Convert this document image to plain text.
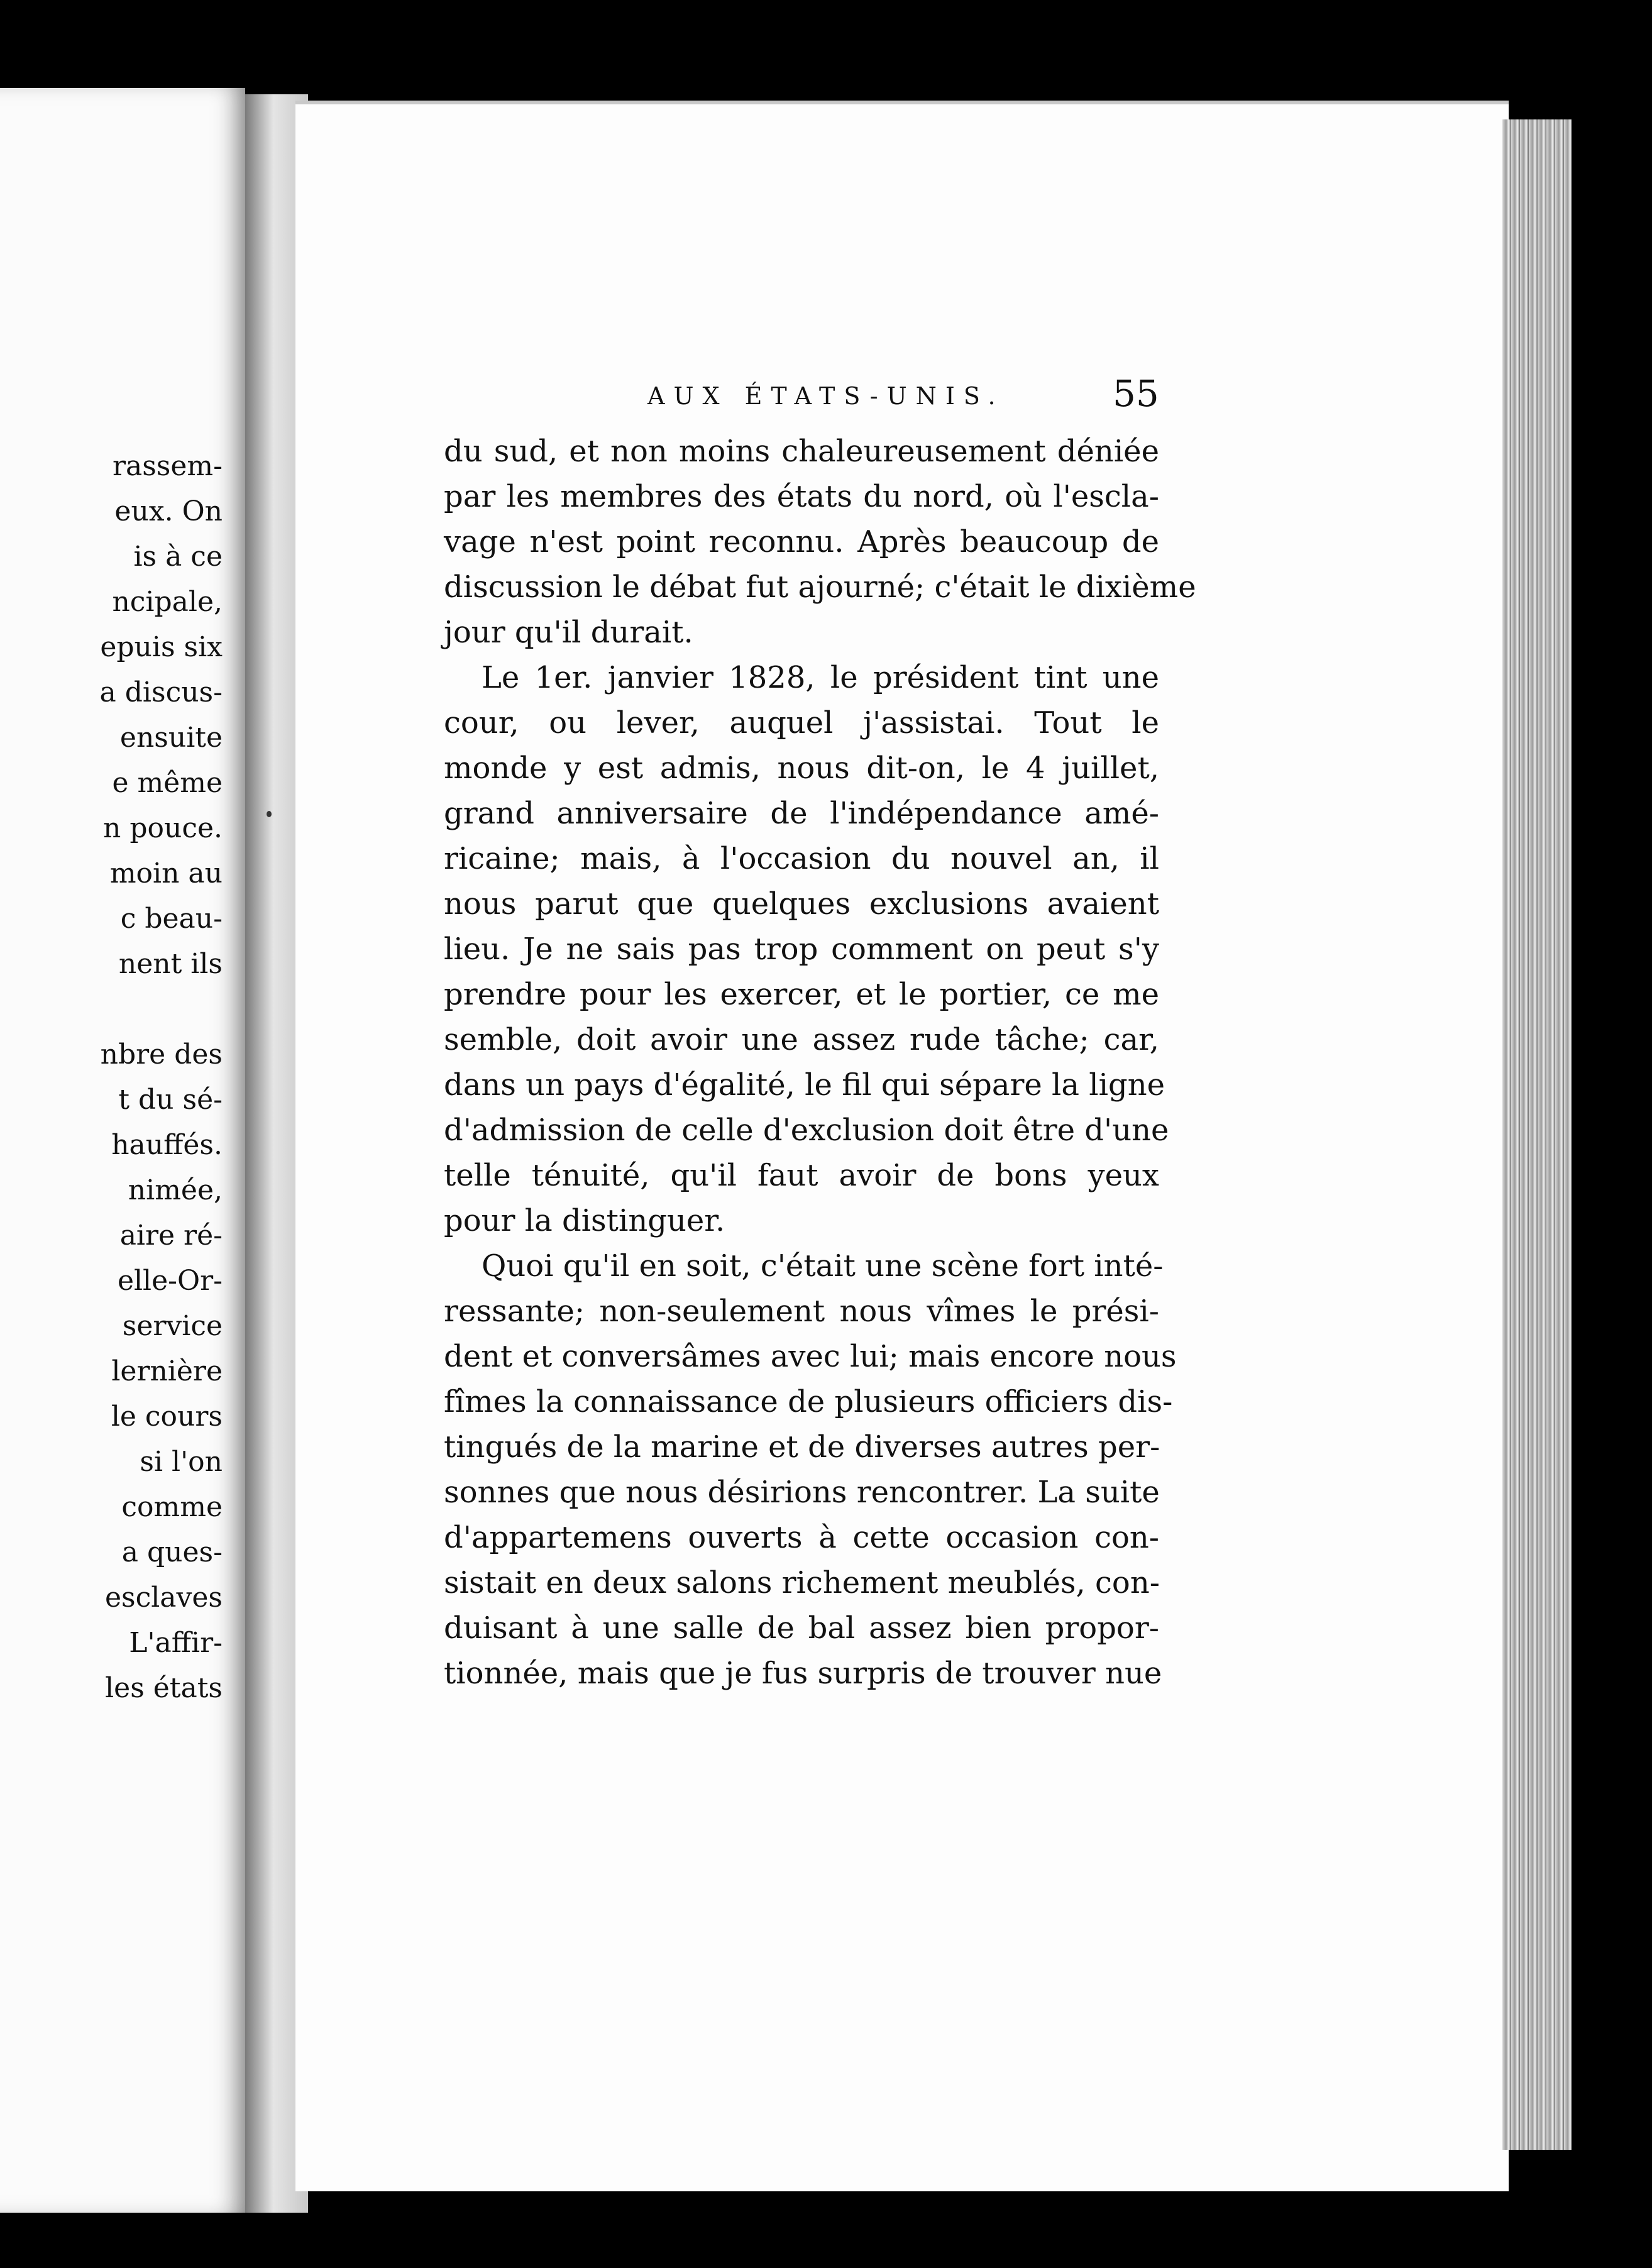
rassem-
eux. On
is à ce
ncipale,
epuis six
a discus-
ensuite
e même
n pouce.
moin au
c beau-
nent ils
nbre des
t du sé-
hauffés.
nimée,
aire ré-
elle-Or-
service
lernière
le cours
si l'on
comme
a ques-
esclaves
L'affir-
les états
AUX ÉTATS-UNIS.	55
du sud, et non moins chaleureusement déniée
par les membres des états du nord, où l'escla-
vage n'est point reconnu. Après beaucoup de
discussion le débat fut ajourné; c'était le dixième
jour qu'il durait.
Le 1er. janvier 1828, le président tint une
cour, ou lever, auquel j'assistai. Tout le
monde y est admis, nous dit-on, le 4 juillet,
grand anniversaire de l'indépendance amé-
ricaine; mais, à l'occasion du nouvel an, il
nous parut que quelques exclusions avaient
lieu. Je ne sais pas trop comment on peut s'y
prendre pour les exercer, et le portier, ce me
semble, doit avoir une assez rude tâche; car,
dans un pays d'égalité, le fil qui sépare la ligne
d'admission de celle d'exclusion doit être d'une
telle ténuité, qu'il faut avoir de bons yeux
pour la distinguer.
Quoi qu'il en soit, c'était une scène fort inté-
ressante; non-seulement nous vîmes le prési-
dent et conversâmes avec lui; mais encore nous
fîmes la connaissance de plusieurs officiers dis-
tingués de la marine et de diverses autres per-
sonnes que nous désirions rencontrer. La suite
d'appartemens ouverts à cette occasion con-
sistait en deux salons richement meublés, con-
duisant à une salle de bal assez bien propor-
tionnée, mais que je fus surpris de trouver nue
